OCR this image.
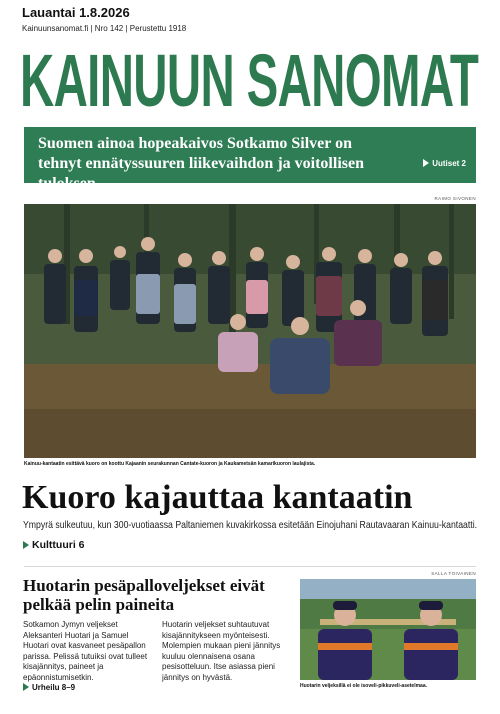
Lauantai 1.8.2026
Kainuunsanomat.fi | Nro 142 | Perustettu 1918
KAINUUN SANOMAT
Suomen ainoa hopeakaivos Sotkamo Silver on tehnyt ennätyssuuren liikevaihdon ja voitollisen tuloksen
Uutiset 2
RAIMO SIVONEN
Kainuu-kantaatin esittävä kuoro on koottu Kajaanin seurakunnan Cantate-kuoron ja Kaukametsän kamarikuoron laulajista.
Kuoro kajauttaa kantaatin
Ympyrä sulkeutuu, kun 300-vuotiaassa Paltaniemen kuvakirkossa esitetään Einojuhani Rautavaaran Kainuu-kantaatti.
Kulttuuri 6
Huotarin pesäpalloveljekset eivät pelkää pelin paineita
Sotkamon Jymyn veljekset Aleksanteri Huotari ja Samuel Huotari ovat kasvaneet pesäpallon parissa. Pelissä tutuiksi ovat tulleet kisajännitys, paineet ja epäonnistumisetkin.
Huotarin veljekset suhtautuvat kisajännitykseen myönteisesti. Molempien mukaan pieni jännitys kuuluu olennaisena osana pesisotteluun. Itse asiassa pieni jännitys on hyvästä.
Urheilu 8–9
SALLA TOIVAINEN
Huotarin veljeksillä ei ole isoveli-pikkuveli-asetelmaa.
